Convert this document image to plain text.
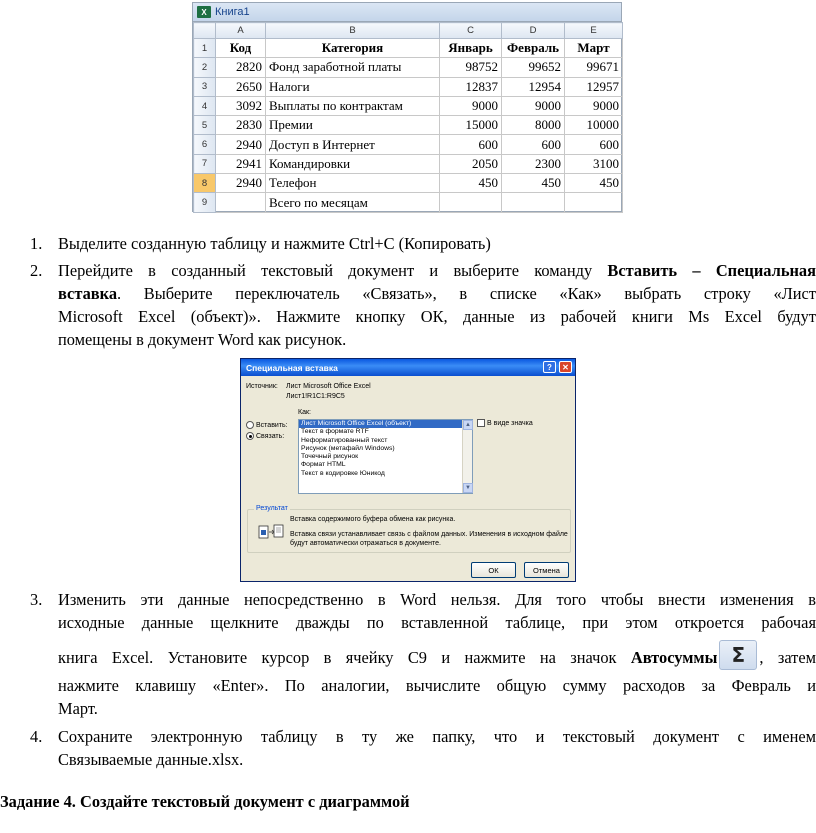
X Книга1
	A	B	C	D	E
1	Код	Категория	Январь	Февраль	Март
2	2820	Фонд заработной платы	98752	99652	99671
3	2650	Налоги	12837	12954	12957
4	3092	Выплаты по контрактам	9000	9000	9000
5	2830	Премии	15000	8000	10000
6	2940	Доступ в Интернет	600	600	600
7	2941	Командировки	2050	2300	3100
8	2940	Телефон	450	450	450
9		Всего по месяцам			
1. Выделите созданную таблицу и нажмите Ctrl+C (Копировать)
2. Перейдите в созданный текстовый документ и выберите команду Вставить – Специальная
вставка. Выберите переключатель «Связать», в списке «Как» выбрать строку «Лист
Microsoft Excel (объект)». Нажмите кнопку ОК, данные из рабочей книги Ms Excel будут
помещены в документ Word как рисунок.
Специальная вставка	?	✕
Источник: Лист Microsoft Office Excel
Лист1!R1C1:R9C5
Как:
Вставить:
Связать:
Лист Microsoft Office Excel (объект)
Текст в формате RTF
Неформатированный текст
Рисунок (метафайл Windows)
Точечный рисунок
Формат HTML
Текст в кодировке Юникод
▲
▼
В виде значка
Результат
Вставка содержимого буфера обмена как рисунка.
Вставка связи устанавливает связь с файлом данных. Изменения в исходном файле
будут автоматически отражаться в документе.
ОК	Отмена
3. Изменить эти данные непосредственно в Word нельзя. Для того чтобы внести изменения в
исходные данные щелкните дважды по вставленной таблице, при этом откроется рабочая
книга Excel. Установите курсор в ячейку С9 и нажмите на значок Автосуммы Σ , затем
нажмите клавишу «Enter». По аналогии, вычислите общую сумму расходов за Февраль и
Март.
4. Сохраните электронную таблицу в ту же папку, что и текстовый документ с именем
Связываемые данные.xlsx.
Задание 4. Создайте текстовый документ с диаграммой
